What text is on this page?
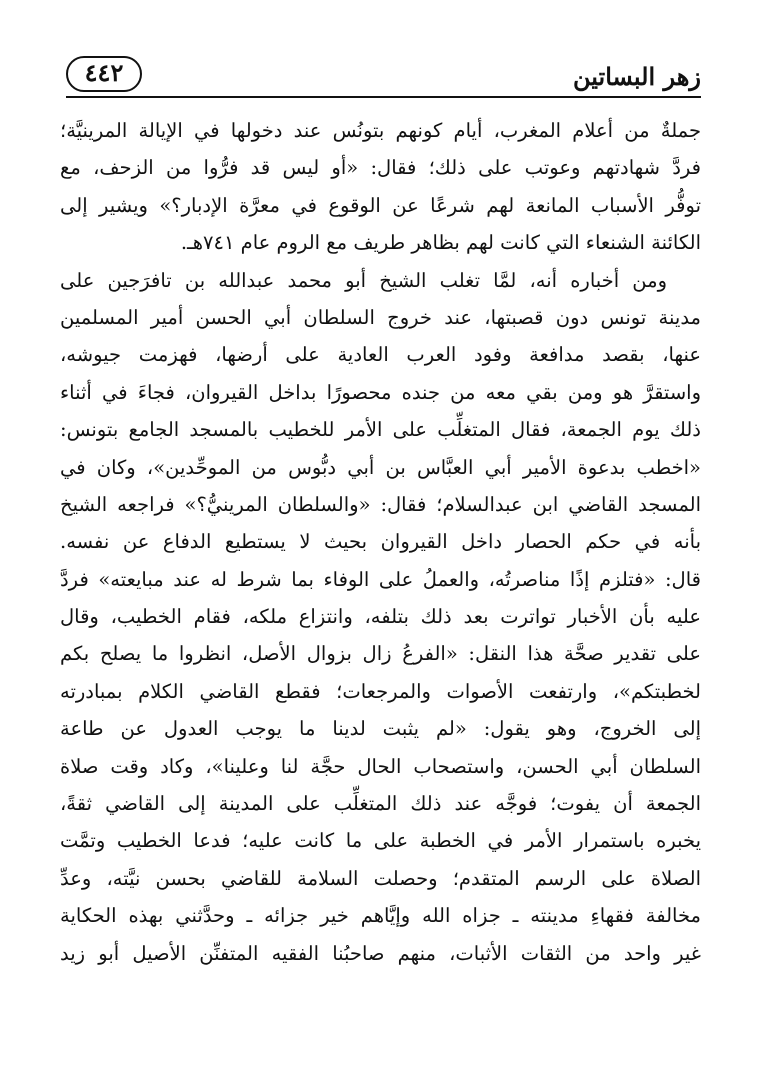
زهر البساتين
٤٤٢
جملةٌ من أعلام المغرب، أيام كونهم بتونُس عند دخولها في الإيالة المرينيَّة؛
فردَّ شهادتهم وعوتب على ذلك؛ فقال: «أو ليس قد فرُّوا من الزحف، مع
توفُّر الأسباب المانعة لهم شرعًا عن الوقوع في معرَّة الإدبار؟» ويشير إلى
الكائنة الشنعاء التي كانت لهم بظاهر طريف مع الروم عام ٧٤١هـ.
ومن أخباره أنه، لمَّا تغلب الشيخ أبو محمد عبدالله بن تافرَجين على
مدينة تونس دون قصبتها، عند خروج السلطان أبي الحسن أمير المسلمين
عنها، بقصد مدافعة وفود العرب العادية على أرضها، فهزمت جيوشه،
واستقرَّ هو ومن بقي معه من جنده محصورًا بداخل القيروان، فجاءَ في أثناء
ذلك يوم الجمعة، فقال المتغلِّب على الأمر للخطيب بالمسجد الجامع بتونس:
«اخطب بدعوة الأمير أبي العبَّاس بن أبي دبُّوس من الموحِّدين»، وكان في
المسجد القاضي ابن عبدالسلام؛ فقال: «والسلطان المرينيُّ؟» فراجعه الشيخ
بأنه في حكم الحصار داخل القيروان بحيث لا يستطيع الدفاع عن نفسه.
قال: «فتلزم إذًا مناصرتُه، والعملُ على الوفاء بما شرط له عند مبايعته» فردَّ
عليه بأن الأخبار تواترت بعد ذلك بتلفه، وانتزاع ملكه، فقام الخطيب، وقال
على تقدير صحَّة هذا النقل: «الفرعُ زال بزوال الأصل، انظروا ما يصلح بكم
لخطبتكم»، وارتفعت الأصوات والمرجعات؛ فقطع القاضي الكلام بمبادرته
إلى الخروج، وهو يقول: «لم يثبت لدينا ما يوجب العدول عن طاعة
السلطان أبي الحسن، واستصحاب الحال حجَّة لنا وعلينا»، وكاد وقت صلاة
الجمعة أن يفوت؛ فوجَّه عند ذلك المتغلِّب على المدينة إلى القاضي ثقةً،
يخبره باستمرار الأمر في الخطبة على ما كانت عليه؛ فدعا الخطيب وتمَّت
الصلاة على الرسم المتقدم؛ وحصلت السلامة للقاضي بحسن نيَّته، وعدِّ
مخالفة فقهاءِ مدينته ـ جزاه الله وإيَّاهم خير جزائه ـ وحدَّثني بهذه الحكاية
غير واحد من الثقات الأثبات، منهم صاحبُنا الفقيه المتفنِّن الأصيل أبو زيد
